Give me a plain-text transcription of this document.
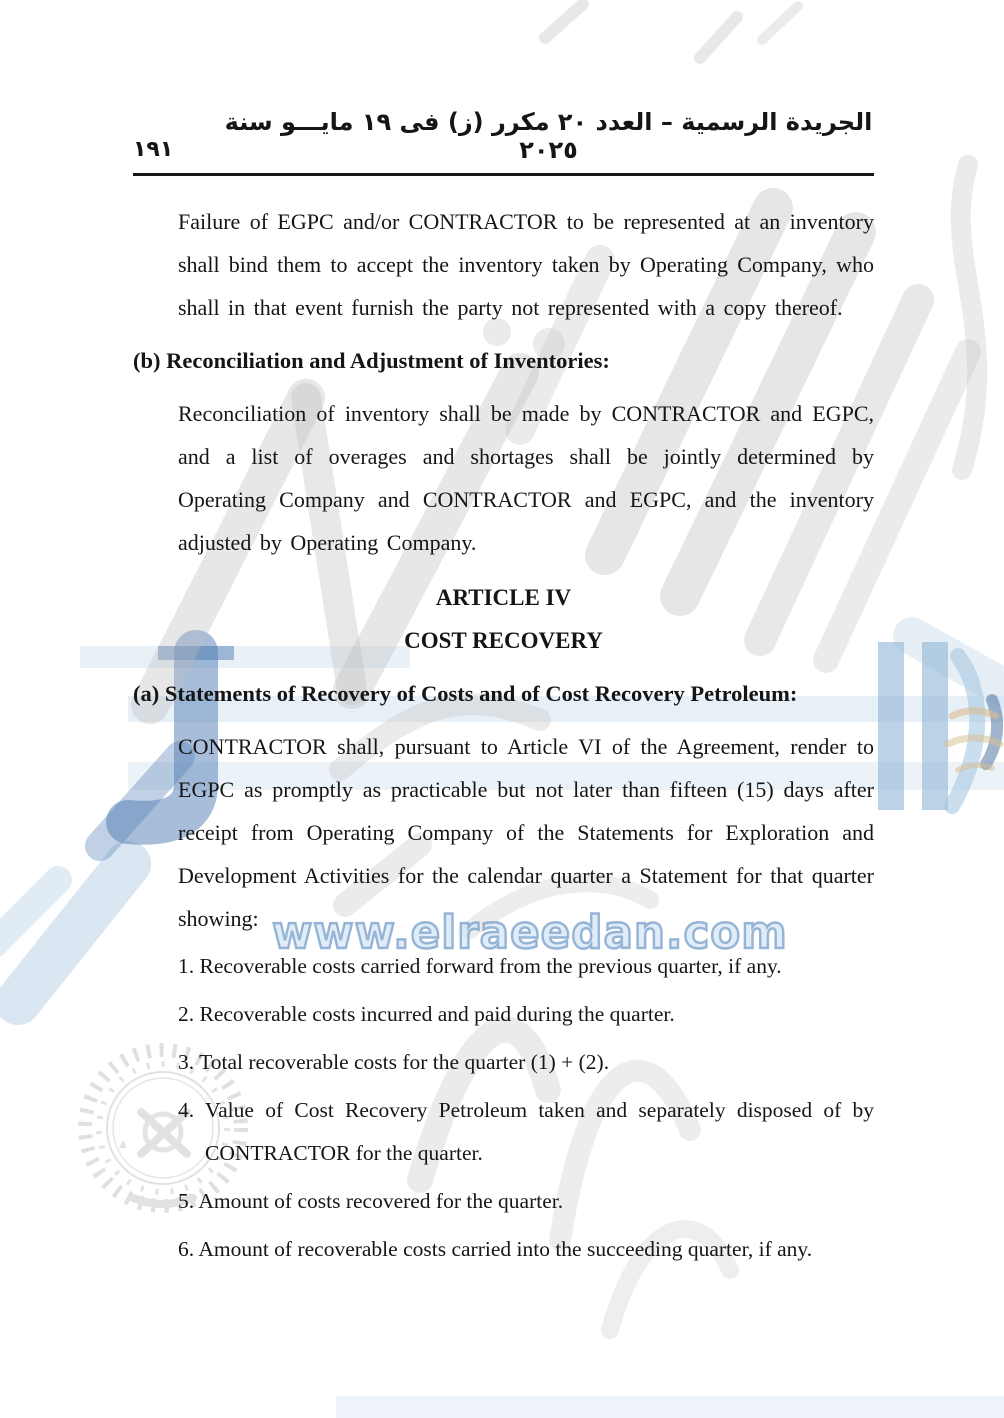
www.elraeedan.com
١٩١
الجريدة الرسمية – العدد ٢٠ مكرر (ز) فى ١٩ مايـــو سنة ٢٠٢٥

Failure of EGPC and/or CONTRACTOR to be represented at an inventory shall bind them to accept the inventory taken by Operating Company, who shall in that event furnish the party not represented with a copy thereof.

(b) Reconciliation and Adjustment of Inventories:

Reconciliation of inventory shall be made by CONTRACTOR and EGPC, and a list of overages and shortages shall be jointly determined by Operating Company and CONTRACTOR and EGPC, and the inventory adjusted by Operating Company.

ARTICLE IV

COST RECOVERY

(a) Statements of Recovery of Costs and of Cost Recovery Petroleum:

CONTRACTOR shall, pursuant to Article VI of the Agreement, render to EGPC as promptly as practicable but not later than fifteen (15) days after receipt from Operating Company of the Statements for Exploration and Development Activities for the calendar quarter a Statement for that quarter showing:

1. Recoverable costs carried forward from the previous quarter, if any.

2. Recoverable costs incurred and paid during the quarter.

3. Total recoverable costs for the quarter (1) + (2).

4. Value of Cost Recovery Petroleum taken and separately disposed of by CONTRACTOR for the quarter.

5. Amount of costs recovered for the quarter.

6. Amount of recoverable costs carried into the succeeding quarter, if any.
